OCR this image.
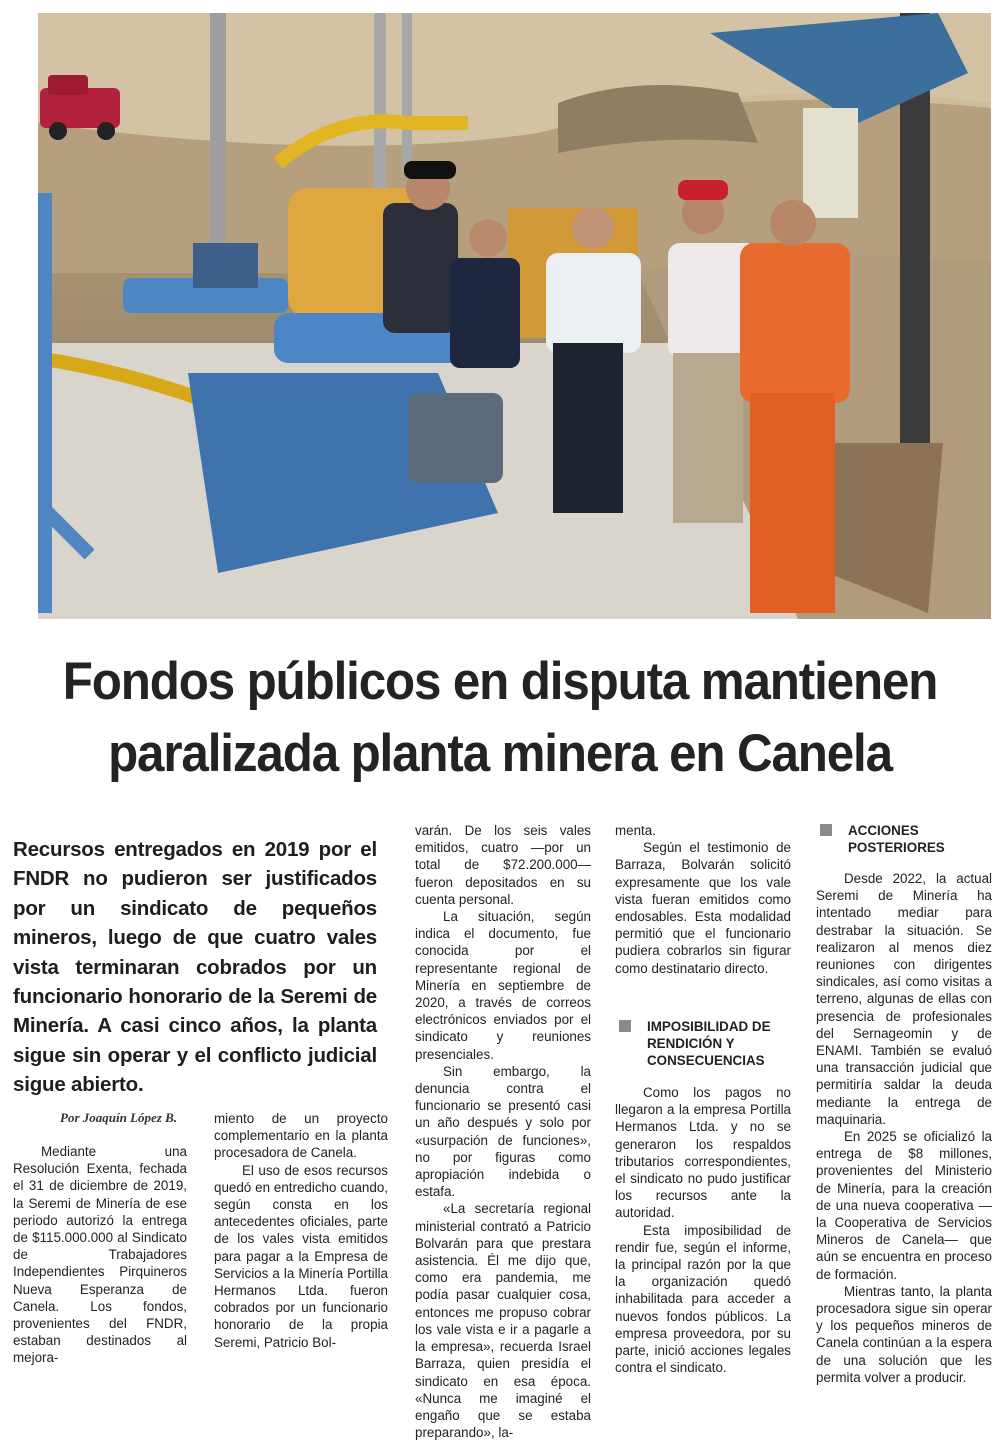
Fondos públicos en disputa mantienen
paralizada planta minera en Canela
Recursos entregados en 2019 por el FNDR no pudieron ser justificados por un sindicato de pequeños mineros, luego de que cuatro vales vista terminaran cobrados por un funcionario honorario de la Seremi de Minería. A casi cinco años, la planta sigue sin operar y el conflicto judicial sigue abierto.
Por Joaquín López B.

Mediante una Resolución Exenta, fechada el 31 de diciembre de 2019, la Seremi de Minería de ese periodo autorizó la entrega de $115.000.000 al Sindicato de Trabajadores Independientes Pirquineros Nueva Esperanza de Canela. Los fondos, provenientes del FNDR, estaban destinados al mejora-

miento de un proyecto complementario en la planta procesadora de Canela.

El uso de esos recursos quedó en entredicho cuando, según consta en los antecedentes oficiales, parte de los vales vista emitidos para pagar a la Empresa de Servicios a la Minería Portilla Hermanos Ltda. fueron cobrados por un funcionario honorario de la propia Seremi, Patricio Bol-

varán. De los seis vales emitidos, cuatro —por un total de $72.200.000— fueron depositados en su cuenta personal.

La situación, según indica el documento, fue conocida por el representante regional de Minería en septiembre de 2020, a través de correos electrónicos enviados por el sindicato y reuniones presenciales.

Sin embargo, la denuncia contra el funcionario se presentó casi un año después y solo por «usurpación de funciones», no por figuras como apropiación indebida o estafa.

«La secretaría regional ministerial contrató a Patricio Bolvarán para que prestara asistencia. Él me dijo que, como era pandemia, me podía pasar cualquier cosa, entonces me propuso cobrar los vale vista e ir a pagarle a la empresa», recuerda Israel Barraza, quien presidía el sindicato en esa época. «Nunca me imaginé el engaño que se estaba preparando», la-

menta.

Según el testimonio de Barraza, Bolvarán solicitó expresamente que los vale vista fueran emitidos como endosables. Esta modalidad permitió que el funcionario pudiera cobrarlos sin figurar como destinatario directo.

IMPOSIBILIDAD DE RENDICIÓN Y CONSECUENCIAS

Como los pagos no llegaron a la empresa Portilla Hermanos Ltda. y no se generaron los respaldos tributarios correspondientes, el sindicato no pudo justificar los recursos ante la autoridad.

Esta imposibilidad de rendir fue, según el informe, la principal razón por la que la organización quedó inhabilitada para acceder a nuevos fondos públicos. La empresa proveedora, por su parte, inició acciones legales contra el sindicato.

ACCIONES POSTERIORES

Desde 2022, la actual Seremi de Minería ha intentado mediar para destrabar la situación. Se realizaron al menos diez reuniones con dirigentes sindicales, así como visitas a terreno, algunas de ellas con presencia de profesionales del Sernageomin y de ENAMI. También se evaluó una transacción judicial que permitiría saldar la deuda mediante la entrega de maquinaria.

En 2025 se oficializó la entrega de $8 millones, provenientes del Ministerio de Minería, para la creación de una nueva cooperativa —la Cooperativa de Servicios Mineros de Canela— que aún se encuentra en proceso de formación.

Mientras tanto, la planta procesadora sigue sin operar y los pequeños mineros de Canela continúan a la espera de una solución que les permita volver a producir.
